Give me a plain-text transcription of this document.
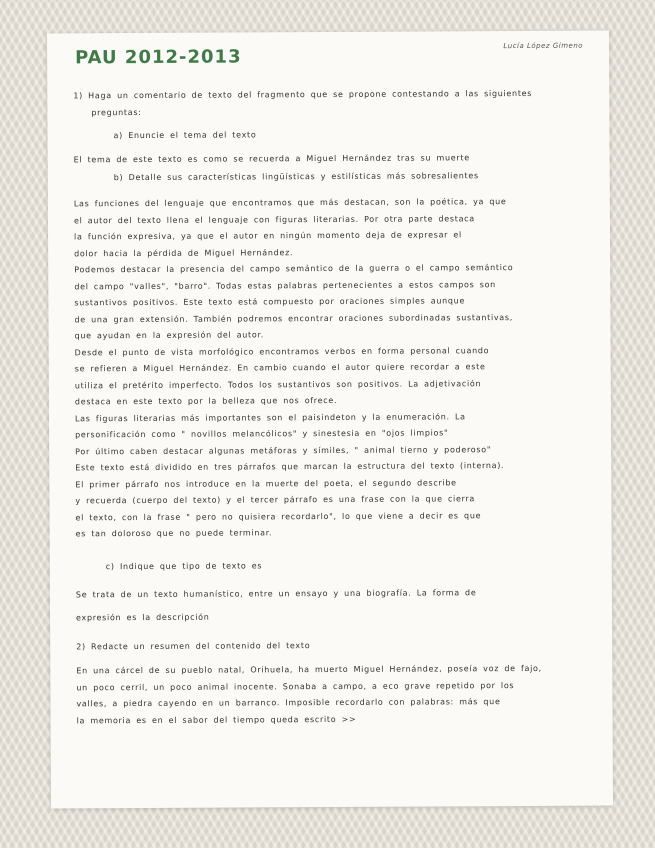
PAU 2012-2013
Lucía López Gimeno

1) Haga un comentario de texto del fragmento que se propone contestando a las siguientes
preguntas:

a) Enuncie el tema del texto

El tema de este texto es como se recuerda a Miguel Hernández tras su muerte

b) Detalle sus características lingüísticas y estilísticas más sobresalientes

Las funciones del lenguaje que encontramos que más destacan, son la poética, ya que
el autor del texto llena el lenguaje con figuras literarias. Por otra parte destaca
la función expresiva, ya que el autor en ningún momento deja de expresar el
dolor hacia la pérdida de Miguel Hernández.
Podemos destacar la presencia del campo semántico de la guerra o el campo semántico
del campo "valles", "barro". Todas estas palabras pertenecientes a estos campos son
sustantivos positivos. Este texto está compuesto por oraciones simples aunque
de una gran extensión. También podremos encontrar oraciones subordinadas sustantivas,
que ayudan en la expresión del autor.
Desde el punto de vista morfológico encontramos verbos en forma personal cuando
se refieren a Miguel Hernández. En cambio cuando el autor quiere recordar a este
utiliza el pretérito imperfecto. Todos los sustantivos son positivos. La adjetivación
destaca en este texto por la belleza que nos ofrece.
Las figuras literarias más importantes son el paisindeton y la enumeración. La
personificación como " novillos melancólicos" y sinestesia en "ojos limpios"
Por último caben destacar algunas metáforas y símiles, " animal tierno y poderoso"
Este texto está dividido en tres párrafos que marcan la estructura del texto (interna).
El primer párrafo nos introduce en la muerte del poeta, el segundo describe
y recuerda (cuerpo del texto) y el tercer párrafo es una frase con la que cierra
el texto, con la frase " pero no quisiera recordarlo", lo que viene a decir es que
es tan doloroso que no puede terminar.

c) Indique que tipo de texto es

Se trata de un texto humanístico, entre un ensayo y una biografía. La forma de
expresión es la descripción

2) Redacte un resumen del contenido del texto

En una cárcel de su pueblo natal, Orihuela, ha muerto Miguel Hernández, poseía voz de fajo,
un poco cerril, un poco animal inocente. Sonaba a campo, a eco grave repetido por los
valles, a piedra cayendo en un barranco. Imposible recordarlo con palabras: más que
la memoria es en el sabor del tiempo queda escrito >>
